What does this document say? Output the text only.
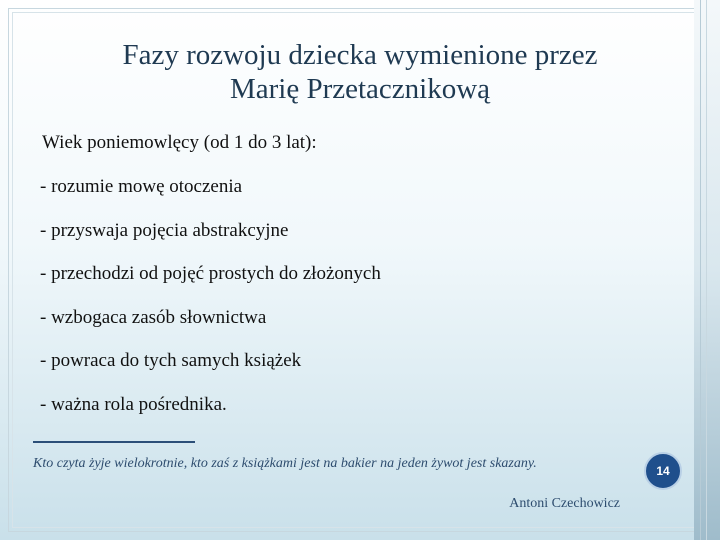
Fazy rozwoju dziecka wymienione przez
Marię Przetacznikową
Wiek poniemowlęcy (od 1 do 3 lat):
- rozumie mowę otoczenia
- przyswaja pojęcia abstrakcyjne
- przechodzi od pojęć prostych do złożonych
- wzbogaca zasób słownictwa
- powraca do tych samych książek
- ważna rola pośrednika.
Kto czyta żyje wielokrotnie, kto zaś z książkami jest na bakier na jeden żywot jest skazany.
Antoni Czechowicz
14
